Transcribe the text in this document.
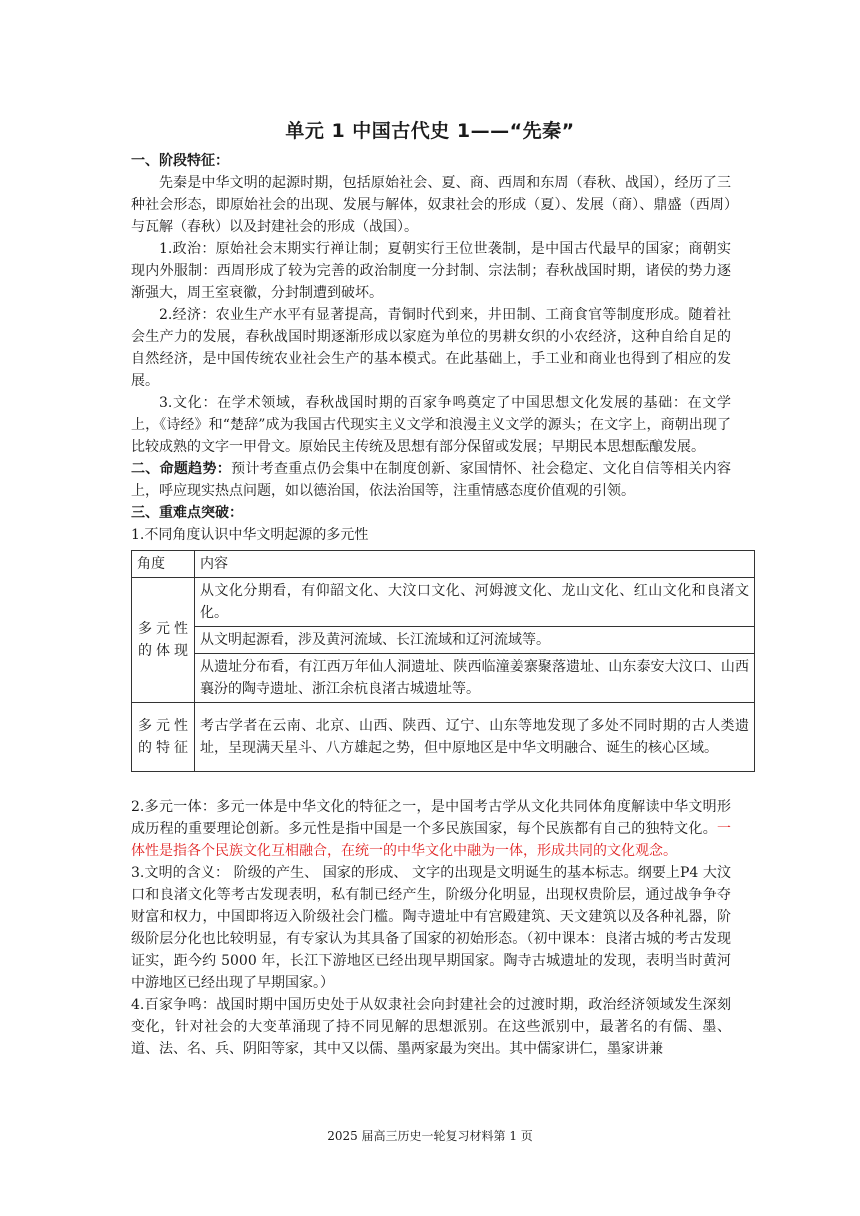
单元 1 中国古代史 1——“先秦”

一、阶段特征：

先秦是中华文明的起源时期，包括原始社会、夏、商、西周和东周（春秋、战国），经历了三种社会形态，即原始社会的出现、发展与解体，奴隶社会的形成（夏）、发展（商）、鼎盛（西周）与瓦解（春秋）以及封建社会的形成（战国）。

1.政治：原始社会末期实行禅让制；夏朝实行王位世袭制，是中国古代最早的国家；商朝实现内外服制：西周形成了较为完善的政治制度一分封制、宗法制；春秋战国时期，诸侯的势力逐渐强大，周王室衰徽，分封制遭到破坏。

2.经济：农业生产水平有显著提高，青铜时代到来，井田制、工商食官等制度形成。随着社会生产力的发展，春秋战国时期逐渐形成以家庭为单位的男耕女织的小农经济，这种自给自足的自然经济，是中国传统农业社会生产的基本模式。在此基础上，手工业和商业也得到了相应的发展。

3.文化：在学术领域，春秋战国时期的百家争鸣奠定了中国思想文化发展的基础：在文学上，《诗经》和“楚辞”成为我国古代现实主义文学和浪漫主义文学的源头；在文字上，商朝出现了比较成熟的文字一甲骨文。原始民主传统及思想有部分保留或发展；早期民本思想酝酿发展。

二、命题趋势：预计考查重点仍会集中在制度创新、家国情怀、社会稳定、文化自信等相关内容上，呼应现实热点问题，如以德治国，依法治国等，注重情感态度价值观的引领。

三、重难点突破：

1.不同角度认识中华文明起源的多元性

角度	内容
多元性的体现	从文化分期看，有仰韶文化、大汶口文化、河姆渡文化、龙山文化、红山文化和良渚文化。
	从文明起源看，涉及黄河流域、长江流域和辽河流域等。
	从遗址分布看，有江西万年仙人洞遗址、陕西临潼姜寨聚落遗址、山东泰安大汶口、山西襄汾的陶寺遗址、浙江余杭良渚古城遗址等。
多元性的特征	考古学者在云南、北京、山西、陕西、辽宁、山东等地发现了多处不同时期的古人类遗址，呈现满天星斗、八方雄起之势，但中原地区是中华文明融合、诞生的核心区域。

2.多元一体：多元一体是中华文化的特征之一，是中国考古学从文化共同体角度解读中华文明形成历程的重要理论创新。多元性是指中国是一个多民族国家，每个民族都有自己的独特文化。一体性是指各个民族文化互相融合，在统一的中华文化中融为一体，形成共同的文化观念。

3.文明的含义： 阶级的产生、 国家的形成、 文字的出现是文明诞生的基本标志。纲要上P4 大汶口和良渚文化等考古发现表明，私有制已经产生，阶级分化明显，出现权贵阶层，通过战争争夺财富和权力，中国即将迈入阶级社会门槛。陶寺遗址中有宫殿建筑、天文建筑以及各种礼器，阶级阶层分化也比较明显，有专家认为其具备了国家的初始形态。（初中课本：良渚古城的考古发现证实，距今约 5000 年，长江下游地区已经出现早期国家。陶寺古城遗址的发现，表明当时黄河中游地区已经出现了早期国家。）

4.百家争鸣：战国时期中国历史处于从奴隶社会向封建社会的过渡时期，政治经济领域发生深刻变化，针对社会的大变革涌现了持不同见解的思想派别。在这些派别中，最著名的有儒、墨、道、法、名、兵、阴阳等家，其中又以儒、墨两家最为突出。其中儒家讲仁，墨家讲兼

2025 届高三历史一轮复习材料第 1 页
